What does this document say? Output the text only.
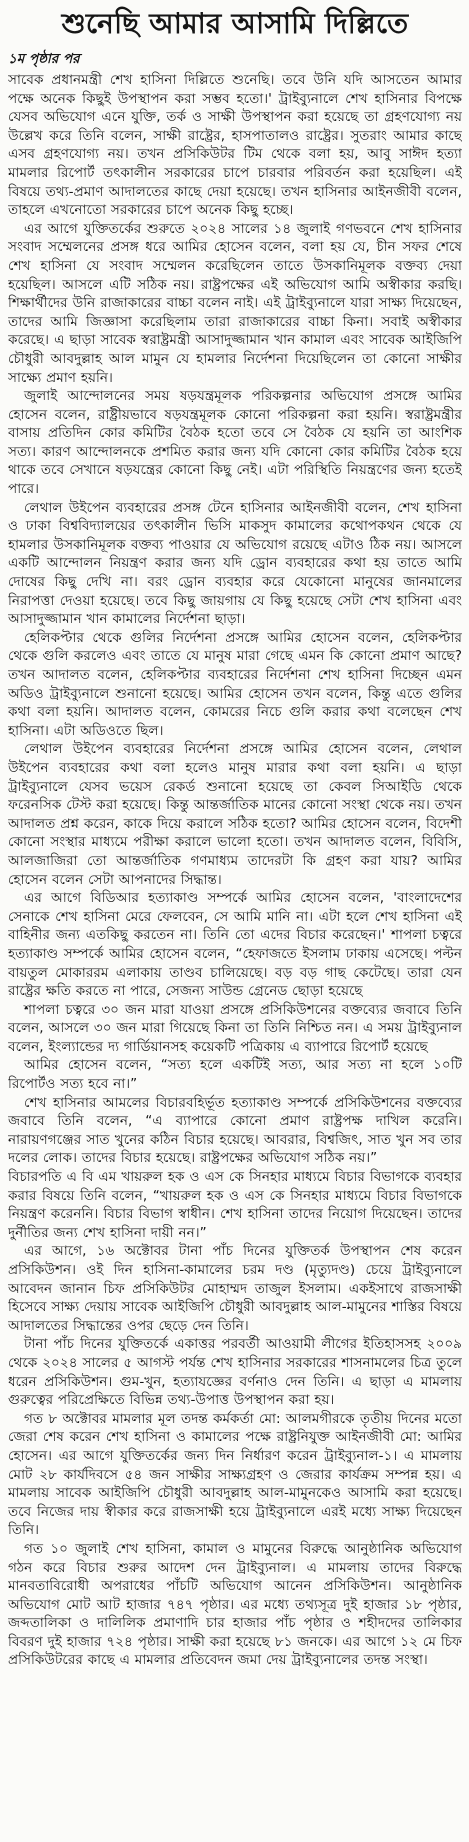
শুনেছি আমার আসামি দিল্লিতে
১ম পৃষ্ঠার পর

সাবেক প্রধানমন্ত্রী শেখ হাসিনা দিল্লিতে শুনেছি। তবে উনি যদি আসতেন আমার পক্ষে অনেক কিছুই উপস্থাপন করা সম্ভব হতো।' ট্রাইব্যুনালে শেখ হাসিনার বিপক্ষে যেসব অভিযোগ এনে যুক্তি, তর্ক ও সাক্ষী উপস্থাপন করা হয়েছে তা গ্রহণযোগ্য নয় উল্লেখ করে তিনি বলেন, সাক্ষী রাষ্ট্রের, হাসপাতালও রাষ্ট্রের। সুতরাং আমার কাছে এসব গ্রহণযোগ্য নয়। তখন প্রসিকিউটর টিম থেকে বলা হয়, আবু সাঈদ হত্যা মামলার রিপোর্ট তৎকালীন সরকারের চাপে চারবার পরিবর্তন করা হয়েছিল। এই বিষয়ে তথ্য-প্রমাণ আদালতের কাছে দেয়া হয়েছে। তখন হাসিনার আইনজীবী বলেন, তাহলে এখনোতো সরকারের চাপে অনেক কিছু হচ্ছে।

এর আগে যুক্তিতর্কের শুরুতে ২০২৪ সালের ১৪ জুলাই গণভবনে শেখ হাসিনার সংবাদ সম্মেলনের প্রসঙ্গ ধরে আমির হোসেন বলেন, বলা হয় যে, চীন সফর শেষে শেখ হাসিনা যে সংবাদ সম্মেলন করেছিলেন তাতে উসকানিমূলক বক্তব্য দেয়া হয়েছিল। আসলে এটি সঠিক নয়। রাষ্ট্রপক্ষের এই অভিযোগ আমি অস্বীকার করছি। শিক্ষার্থীদের উনি রাজাকারের বাচ্চা বলেন নাই। এই ট্রাইব্যুনালে যারা সাক্ষ্য দিয়েছেন, তাদের আমি জিজ্ঞাসা করেছিলাম তারা রাজাকারের বাচ্চা কিনা। সবাই অস্বীকার করেছে। এ ছাড়া সাবেক স্বরাষ্ট্রমন্ত্রী আসাদুজ্জামান খান কামাল এবং সাবেক আইজিপি চৌধুরী আবদুল্লাহ আল মামুন যে হামলার নির্দেশনা দিয়েছিলেন তা কোনো সাক্ষীর সাক্ষ্যে প্রমাণ হয়নি।

জুলাই আন্দোলনের সময় ষড়যন্ত্রমূলক পরিকল্পনার অভিযোগ প্রসঙ্গে আমির হোসেন বলেন, রাষ্ট্রীয়ভাবে ষড়যন্ত্রমূলক কোনো পরিকল্পনা করা হয়নি। স্বরাষ্ট্রমন্ত্রীর বাসায় প্রতিদিন কোর কমিটির বৈঠক হতো তবে সে বৈঠক যে হয়নি তা আংশিক সত্য। কারণ আন্দোলনকে প্রশমিত করার জন্য যদি কোনো কোর কমিটির বৈঠক হয়ে থাকে তবে সেখানে ষড়যন্ত্রের কোনো কিছু নেই। এটা পরিস্থিতি নিয়ন্ত্রণের জন্য হতেই পারে।

লেথাল উইপেন ব্যবহারের প্রসঙ্গ টেনে হাসিনার আইনজীবী বলেন, শেখ হাসিনা ও ঢাকা বিশ্ববিদ্যালয়ের তৎকালীন ভিসি মাকসুদ কামালের কথোপকথন থেকে যে হামলার উসকানিমূলক বক্তব্য পাওয়ার যে অভিযোগ রয়েছে এটাও ঠিক নয়। আসলে একটি আন্দোলন নিয়ন্ত্রণ করার জন্য যদি ড্রোন ব্যবহারের কথা হয় তাতে আমি দোষের কিছু দেখি না। বরং ড্রোন ব্যবহার করে যেকোনো মানুষের জানমালের নিরাপত্তা দেওয়া হয়েছে। তবে কিছু জায়গায় যে কিছু হয়েছে সেটা শেখ হাসিনা এবং আসাদুজ্জামান খান কামালের নির্দেশনা ছাড়া।

হেলিকপ্টার থেকে গুলির নির্দেশনা প্রসঙ্গে আমির হোসেন বলেন, হেলিকপ্টার থেকে গুলি করলেও এবং তাতে যে মানুষ মারা গেছে এমন কি কোনো প্রমাণ আছে? তখন আদালত বলেন, হেলিকপ্টার ব্যবহারের নির্দেশনা শেখ হাসিনা দিচ্ছেন এমন অডিও ট্রাইব্যুনালে শুনানো হয়েছে। আমির হোসেন তখন বলেন, কিন্তু এতে গুলির কথা বলা হয়নি। আদালত বলেন, কোমরের নিচে গুলি করার কথা বলেছেন শেখ হাসিনা। এটা অডিওতে ছিল।

লেথাল উইপেন ব্যবহারের নির্দেশনা প্রসঙ্গে আমির হোসেন বলেন, লেথাল উইপেন ব্যবহারের কথা বলা হলেও মানুষ মারার কথা বলা হয়নি। এ ছাড়া ট্রাইব্যুনালে যেসব ভয়েস রেকর্ড শুনানো হয়েছে তা কেবল সিআইডি থেকে ফরেনসিক টেস্ট করা হয়েছে। কিন্তু আন্তর্জাতিক মানের কোনো সংস্থা থেকে নয়। তখন আদালত প্রশ্ন করেন, কাকে দিয়ে করালে সঠিক হতো? আমির হোসেন বলেন, বিদেশী কোনো সংস্থার মাধ্যমে পরীক্ষা করালে ভালো হতো। তখন আদালত বলেন, বিবিসি, আলজাজিরা তো আন্তর্জাতিক গণমাধ্যম তাদেরটা কি গ্রহণ করা যায়? আমির হোসেন বলেন সেটা আপনাদের সিদ্ধান্ত।

এর আগে বিডিআর হত্যাকাণ্ড সম্পর্কে আমির হোসেন বলেন, 'বাংলাদেশের সেনাকে শেখ হাসিনা মেরে ফেলবেন, সে আমি মানি না। এটা হলে শেখ হাসিনা এই বাহিনীর জন্য এতকিছু করতেন না। তিনি তো এদের বিচার করেছেন।' শাপলা চত্বরে হত্যাকাণ্ড সম্পর্কে আমির হোসেন বলেন, “হেফাজতে ইসলাম ঢাকায় এসেছে। পল্টন বায়তুল মোকাররম এলাকায় তাণ্ডব চালিয়েছে। বড় বড় গাছ কেটেছে। তারা যেন রাষ্ট্রের ক্ষতি করতে না পারে, সেজন্য সাউন্ড গ্রেনেড ছোড়া হয়েছে

শাপলা চত্বরে ৩০ জন মারা যাওয়া প্রসঙ্গে প্রসিকিউশনের বক্তব্যের জবাবে তিনি বলেন, আসলে ৩০ জন মারা গিয়েছে কিনা তা তিনি নিশ্চিত নন। এ সময় ট্রাইব্যুনাল বলেন, ইংল্যান্ডের দ্য গার্ডিয়ানসহ কয়েকটি পত্রিকায় এ ব্যাপারে রিপোর্ট হয়েছে

আমির হোসেন বলেন, “সত্য হলে একটিই সত্য, আর সত্য না হলে ১০টি রিপোর্টও সত্য হবে না।”

শেখ হাসিনার আমলের বিচারবহির্ভূত হত্যাকাণ্ড সম্পর্কে প্রসিকিউশনের বক্তব্যের জবাবে তিনি বলেন, “এ ব্যাপারে কোনো প্রমাণ রাষ্ট্রপক্ষ দাখিল করেনি। নারায়ণগঞ্জের সাত খুনের কঠিন বিচার হয়েছে। আবরার, বিশ্বজিৎ, সাত খুন সব তার দলের লোক। তাদের বিচার হয়েছে। রাষ্ট্রপক্ষের অভিযোগ সঠিক নয়।”

বিচারপতি এ বি এম খায়রুল হক ও এস কে সিনহার মাধ্যমে বিচার বিভাগকে ব্যবহার করার বিষয়ে তিনি বলেন, “খায়রুল হক ও এস কে সিনহার মাধ্যমে বিচার বিভাগকে নিয়ন্ত্রণ করেননি। বিচার বিভাগ স্বাধীন। শেখ হাসিনা তাদের নিয়োগ দিয়েছেন। তাদের দুর্নীতির জন্য শেখ হাসিনা দায়ী নন।”

এর আগে, ১৬ অক্টোবর টানা পাঁচ দিনের যুক্তিতর্ক উপস্থাপন শেষ করেন প্রসিকিউশন। ওই দিন হাসিনা-কামালের চরম দণ্ড (মৃত্যুদণ্ড) চেয়ে ট্রাইব্যুনালে আবেদন জানান চিফ প্রসিকিউটর মোহাম্মদ তাজুল ইসলাম। একইসাথে রাজসাক্ষী হিসেবে সাক্ষ্য দেয়ায় সাবেক আইজিপি চৌধুরী আবদুল্লাহ আল-মামুনের শাস্তির বিষয়ে আদালতের সিদ্ধান্তের ওপর ছেড়ে দেন তিনি।

টানা পাঁচ দিনের যুক্তিতর্কে একাত্তর পরবর্তী আওয়ামী লীগের ইতিহাসসহ ২০০৯ থেকে ২০২৪ সালের ৫ আগস্ট পর্যন্ত শেখ হাসিনার সরকারের শাসনামলের চিত্র তুলে ধরেন প্রসিকিউশন। গুম-খুন, হত্যাযজ্ঞের বর্ণনাও দেন তিনি। এ ছাড়া এ মামলায় গুরুত্বের পরিপ্রেক্ষিতে বিভিন্ন তথ্য-উপাত্ত উপস্থাপন করা হয়।

গত ৮ অক্টোবর মামলার মূল তদন্ত কর্মকর্তা মো: আলমগীরকে তৃতীয় দিনের মতো জেরা শেষ করেন শেখ হাসিনা ও কামালের পক্ষে রাষ্ট্রনিযুক্ত আইনজীবী মো: আমির হোসেন। এর আগে যুক্তিতর্কের জন্য দিন নির্ধারণ করেন ট্রাইব্যুনাল-১। এ মামলায় মোট ২৮ কার্যদিবসে ৫৪ জন সাক্ষীর সাক্ষ্যগ্রহণ ও জেরার কার্যক্রম সম্পন্ন হয়। এ মামলায় সাবেক আইজিপি চৌধুরী আবদুল্লাহ আল-মামুনকেও আসামি করা হয়েছে। তবে নিজের দায় স্বীকার করে রাজসাক্ষী হয়ে ট্রাইব্যুনালে এরই মধ্যে সাক্ষ্য দিয়েছেন তিনি।

গত ১০ জুলাই শেখ হাসিনা, কামাল ও মামুনের বিরুদ্ধে আনুষ্ঠানিক অভিযোগ গঠন করে বিচার শুরুর আদেশ দেন ট্রাইব্যুনাল। এ মামলায় তাদের বিরুদ্ধে মানবতাবিরোধী অপরাধের পাঁচটি অভিযোগ আনেন প্রসিকিউশন। আনুষ্ঠানিক অভিযোগ মোট আট হাজার ৭৪৭ পৃষ্ঠার। এর মধ্যে তথ্যসূত্র দুই হাজার ১৮ পৃষ্ঠার, জব্দতালিকা ও দালিলিক প্রমাণাদি চার হাজার পাঁচ পৃষ্ঠার ও শহীদদের তালিকার বিবরণ দুই হাজার ৭২৪ পৃষ্ঠার। সাক্ষী করা হয়েছে ৮১ জনকে। এর আগে ১২ মে চিফ প্রসিকিউটরের কাছে এ মামলার প্রতিবেদন জমা দেয় ট্রাইব্যুনালের তদন্ত সংস্থা।
